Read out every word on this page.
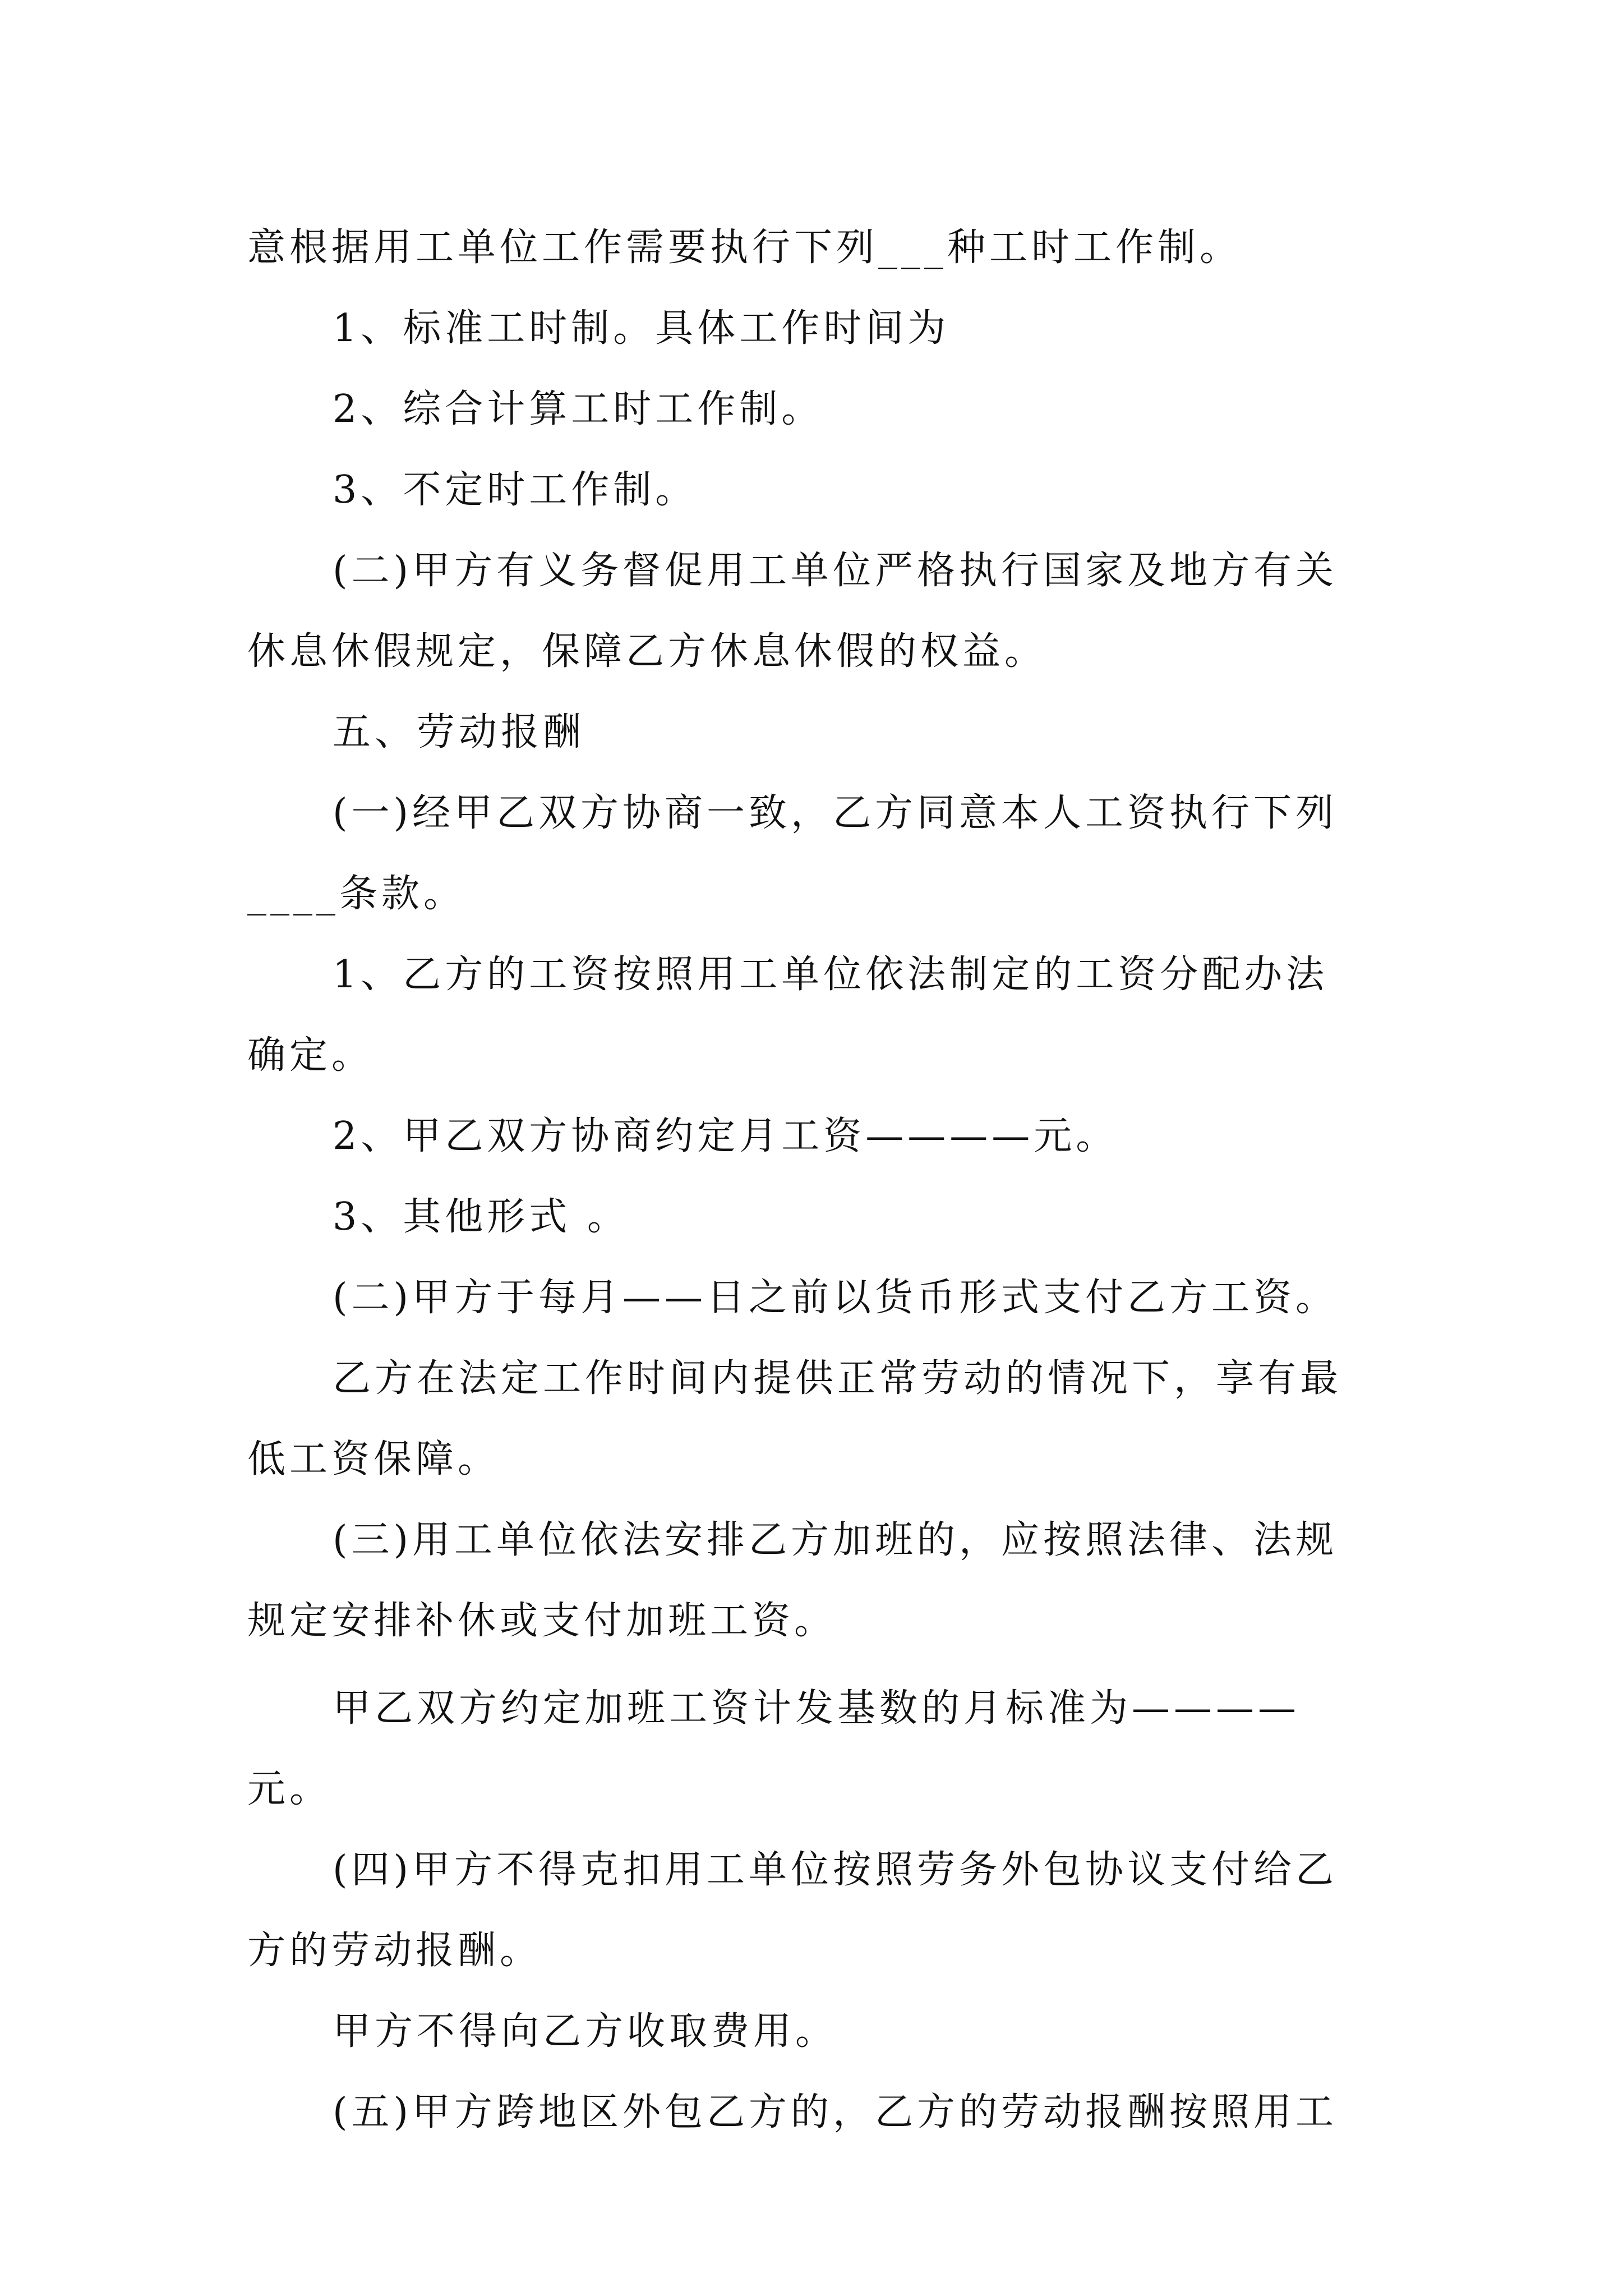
意根据用工单位工作需要执行下列___种工时工作制。
1、标准工时制。具体工作时间为
2、综合计算工时工作制。
3、不定时工作制。
(二)甲方有义务督促用工单位严格执行国家及地方有关
休息休假规定，保障乙方休息休假的权益。
五、劳动报酬
(一)经甲乙双方协商一致，乙方同意本人工资执行下列
____条款。
1、乙方的工资按照用工单位依法制定的工资分配办法
确定。
2、甲乙双方协商约定月工资————元。
3、其他形式 。
(二)甲方于每月——日之前以货币形式支付乙方工资。
乙方在法定工作时间内提供正常劳动的情况下，享有最
低工资保障。
(三)用工单位依法安排乙方加班的，应按照法律、法规
规定安排补休或支付加班工资。
甲乙双方约定加班工资计发基数的月标准为————
元。
(四)甲方不得克扣用工单位按照劳务外包协议支付给乙
方的劳动报酬。
甲方不得向乙方收取费用。
(五)甲方跨地区外包乙方的，乙方的劳动报酬按照用工
